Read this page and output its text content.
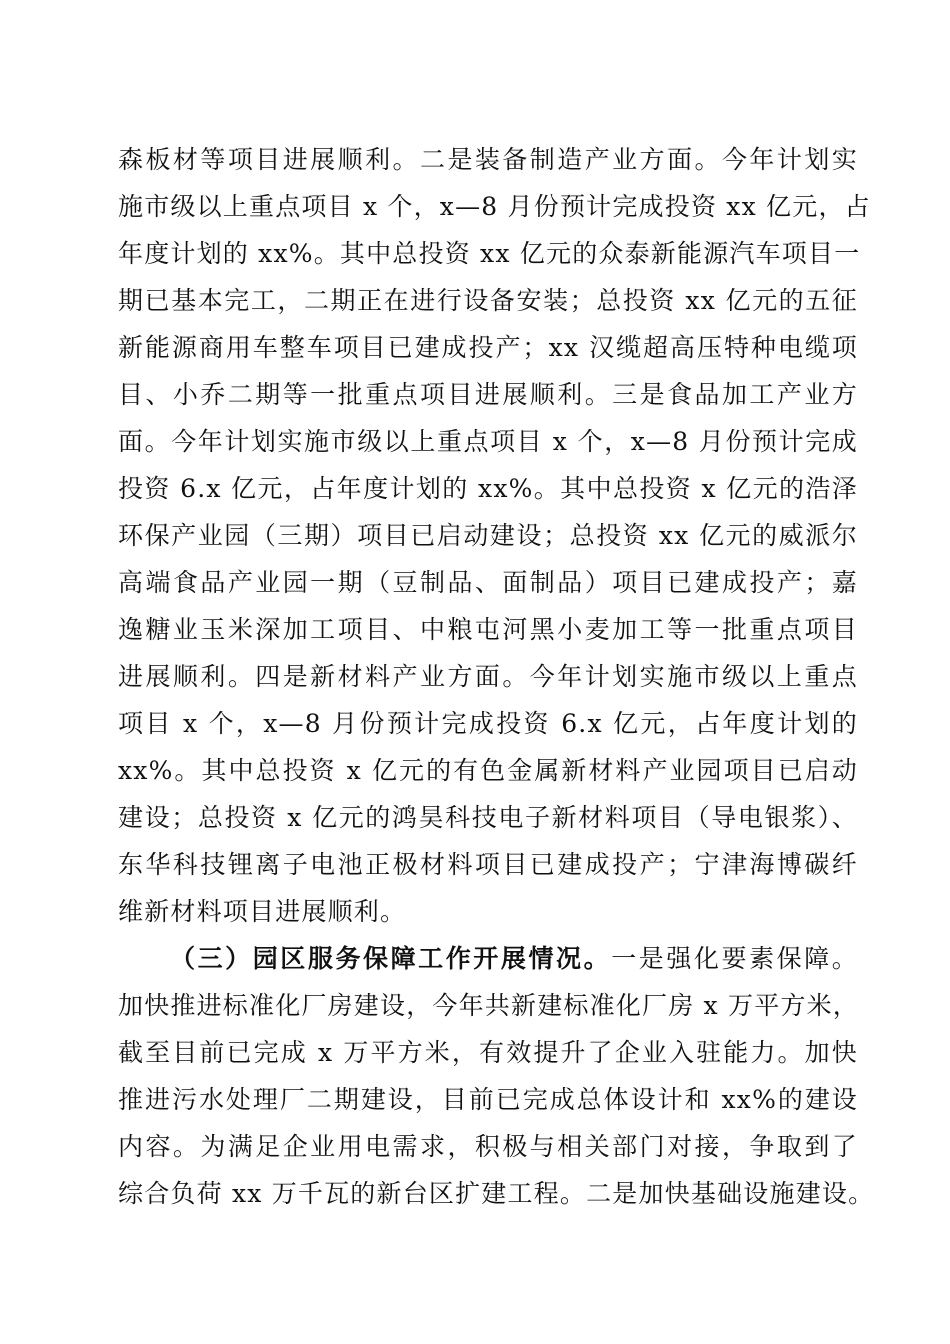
森板材等项目进展顺利。二是装备制造产业方面。今年计划实
施市级以上重点项目 x 个，x—8 月份预计完成投资 xx 亿元，占
年度计划的 xx%。其中总投资 xx 亿元的众泰新能源汽车项目一
期已基本完工，二期正在进行设备安装；总投资 xx 亿元的五征
新能源商用车整车项目已建成投产；xx 汉缆超高压特种电缆项
目、小乔二期等一批重点项目进展顺利。三是食品加工产业方
面。今年计划实施市级以上重点项目 x 个，x—8 月份预计完成
投资 6.x 亿元，占年度计划的 xx%。其中总投资 x 亿元的浩泽
环保产业园（三期）项目已启动建设；总投资 xx 亿元的威派尔
高端食品产业园一期（豆制品、面制品）项目已建成投产；嘉
逸糖业玉米深加工项目、中粮屯河黑小麦加工等一批重点项目
进展顺利。四是新材料产业方面。今年计划实施市级以上重点
项目 x 个，x—8 月份预计完成投资 6.x 亿元，占年度计划的
xx%。其中总投资 x 亿元的有色金属新材料产业园项目已启动
建设；总投资 x 亿元的鸿昊科技电子新材料项目（导电银浆）、
东华科技锂离子电池正极材料项目已建成投产；宁津海博碳纤
维新材料项目进展顺利。
（三）园区服务保障工作开展情况。一是强化要素保障。
加快推进标准化厂房建设，今年共新建标准化厂房 x 万平方米，
截至目前已完成 x 万平方米，有效提升了企业入驻能力。加快
推进污水处理厂二期建设，目前已完成总体设计和 xx%的建设
内容。为满足企业用电需求，积极与相关部门对接，争取到了
综合负荷 xx 万千瓦的新台区扩建工程。二是加快基础设施建设。
